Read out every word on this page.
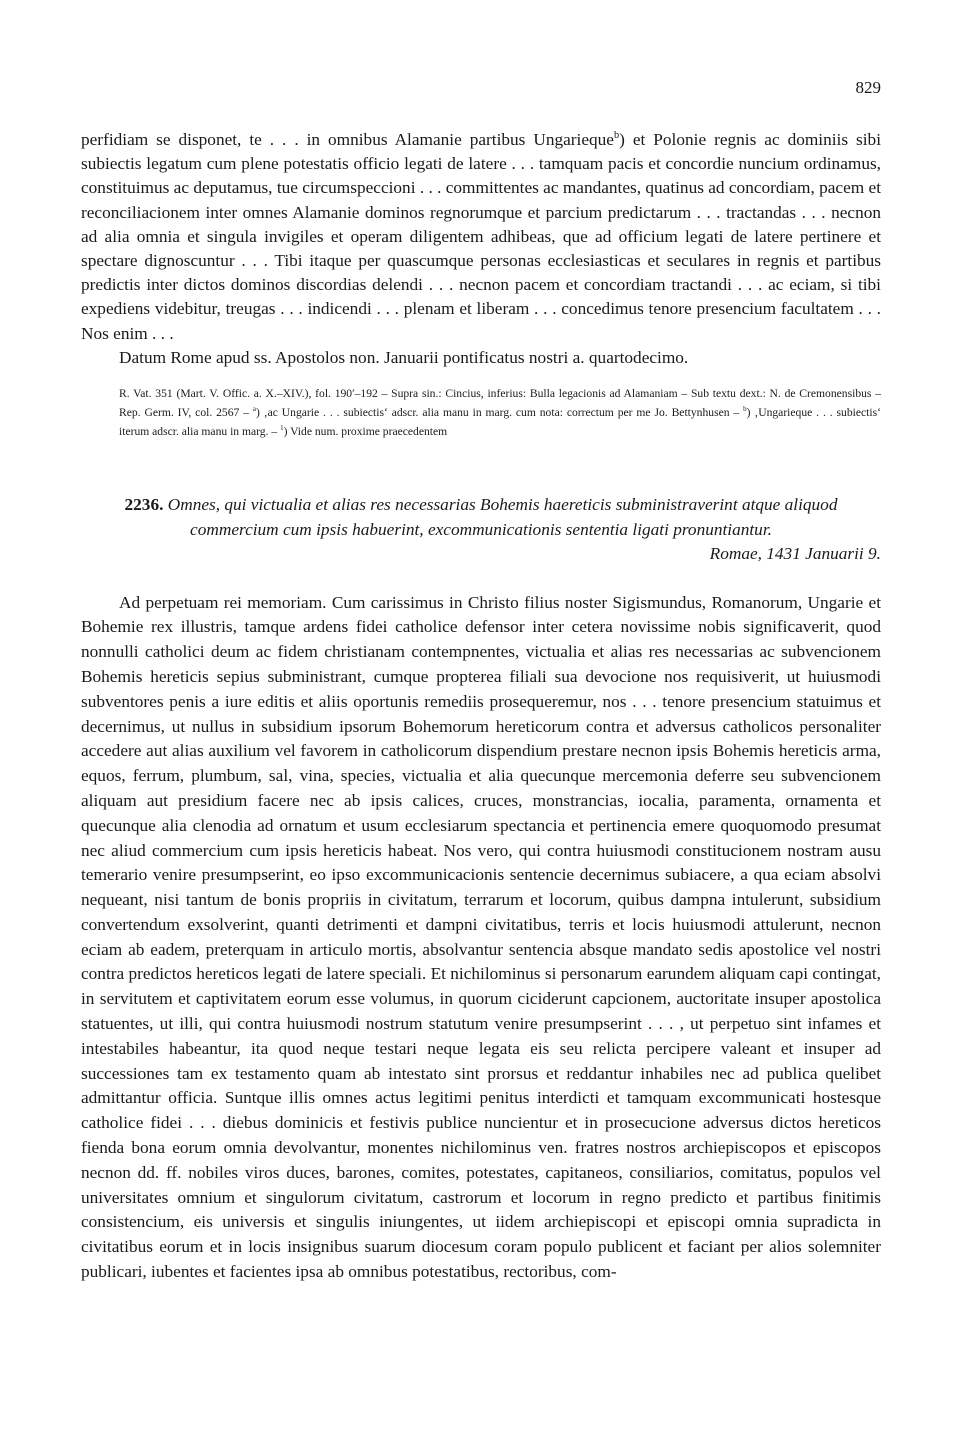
829

perfidiam se disponet, te . . . in omnibus Alamanie partibus Ungarieque$^b$) et Polonie regnis ac dominiis sibi subiectis legatum cum plene potestatis officio legati de latere . . . tamquam pacis et concordie nuncium ordinamus, constituimus ac deputamus, tue circumspeccioni . . . committentes ac mandantes, quatinus ad concordiam, pacem et reconciliacionem inter omnes Alamanie dominos regnorumque et parcium predictarum . . . tractandas . . . necnon ad alia omnia et singula invigiles et operam diligentem adhibeas, que ad officium legati de latere pertinere et spectare dignoscuntur . . . Tibi itaque per quascumque personas ecclesiasticas et seculares in regnis et partibus predictis inter dictos dominos discordias delendi . . . necnon pacem et concordiam tractandi . . . ac eciam, si tibi expediens videbitur, treugas . . . indicendi . . . plenam et liberam . . . concedimus tenore presencium facultatem . . . Nos enim . . .

Datum Rome apud ss. Apostolos non. Januarii pontificatus nostri a. quartodecimo.

R. Vat. 351 (Mart. V. Offic. a. X.–XIV.), fol. 190′–192 – Supra sin.: Cincius, inferius: Bulla legacionis ad Alamaniam – Sub textu dext.: N. de Cremonensibus – Rep. Germ. IV, col. 2567 – $^a$) ‚ac Ungarie . . . subiectis‘ adscr. alia manu in marg. cum nota: correctum per me Jo. Bettynhusen – $^b$) ‚Ungarieque . . . subiectis‘ iterum adscr. alia manu in marg. – $^1$) Vide num. proxime praecedentem

2236. Omnes, qui victualia et alias res necessarias Bohemis haereticis subministraverint atque aliquod commercium cum ipsis habuerint, excommunicationis sententia ligati pronuntiantur.
Romae, 1431 Januarii 9.

Ad perpetuam rei memoriam. Cum carissimus in Christo filius noster Sigismundus, Romanorum, Ungarie et Bohemie rex illustris, tamque ardens fidei catholice defensor inter cetera novissime nobis significaverit, quod nonnulli catholici deum ac fidem christianam contempnentes, victualia et alias res necessarias ac subvencionem Bohemis hereticis sepius subministrant, cumque propterea filiali sua devocione nos requisiverit, ut huiusmodi subventores penis a iure editis et aliis oportunis remediis prosequeremur, nos . . . tenore presencium statuimus et decernimus, ut nullus in subsidium ipsorum Bohemorum hereticorum contra et adversus catholicos personaliter accedere aut alias auxilium vel favorem in catholicorum dispendium prestare necnon ipsis Bohemis hereticis arma, equos, ferrum, plumbum, sal, vina, species, victualia et alia quecunque mercemonia deferre seu subvencionem aliquam aut presidium facere nec ab ipsis calices, cruces, monstrancias, iocalia, paramenta, ornamenta et quecunque alia clenodia ad ornatum et usum ecclesiarum spectancia et pertinencia emere quoquomodo presumat nec aliud commercium cum ipsis hereticis habeat. Nos vero, qui contra huiusmodi constitucionem nostram ausu temerario venire presumpserint, eo ipso excommunicacionis sentencie decernimus subiacere, a qua eciam absolvi nequeant, nisi tantum de bonis propriis in civitatum, terrarum et locorum, quibus dampna intulerunt, subsidium convertendum exsolverint, quanti detrimenti et dampni civitatibus, terris et locis huiusmodi attulerunt, necnon eciam ab eadem, preterquam in articulo mortis, absolvantur sentencia absque mandato sedis apostolice vel nostri contra predictos hereticos legati de latere speciali. Et nichilominus si personarum earundem aliquam capi contingat, in servitutem et captivitatem eorum esse volumus, in quorum ciciderunt capcionem, auctoritate insuper apostolica statuentes, ut illi, qui contra huiusmodi nostrum statutum venire presumpserint . . . , ut perpetuo sint infames et intestabiles habeantur, ita quod neque testari neque legata eis seu relicta percipere valeant et insuper ad successiones tam ex testamento quam ab intestato sint prorsus et reddantur inhabiles nec ad publica quelibet admittantur officia. Suntque illis omnes actus legitimi penitus interdicti et tamquam excommunicati hostesque catholice fidei . . . diebus dominicis et festivis publice nuncientur et in prosecucione adversus dictos hereticos fienda bona eorum omnia devolvantur, monentes nichilominus ven. fratres nostros archiepiscopos et episcopos necnon dd. ff. nobiles viros duces, barones, comites, potestates, capitaneos, consiliarios, comitatus, populos vel universitates omnium et singulorum civitatum, castrorum et locorum in regno predicto et partibus finitimis consistencium, eis universis et singulis iniungentes, ut iidem archiepiscopi et episcopi omnia supradicta in civitatibus eorum et in locis insignibus suarum diocesum coram populo publicent et faciant per alios solemniter publicari, iubentes et facientes ipsa ab omnibus potestatibus, rectoribus, com-
